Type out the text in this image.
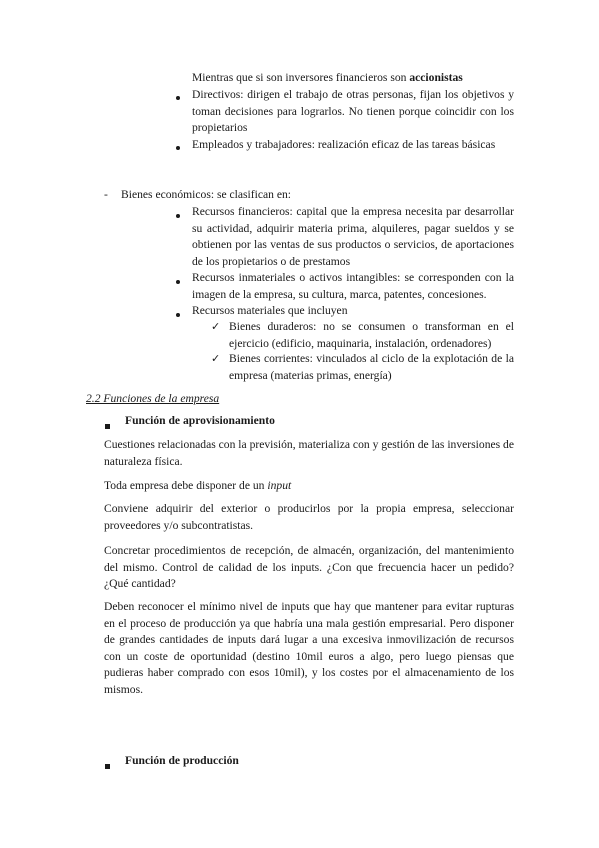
Mientras que si son inversores financieros son accionistas

Directivos: dirigen el trabajo de otras personas, fijan los objetivos y toman decisiones para lograrlos. No tienen porque coincidir con los propietarios

Empleados y trabajadores: realización eficaz de las tareas básicas

- Bienes económicos: se clasifican en:

Recursos financieros: capital que la empresa necesita par desarrollar su actividad, adquirir materia prima, alquileres, pagar sueldos y se obtienen por las ventas de sus productos o servicios, de aportaciones de los propietarios o de prestamos

Recursos inmateriales o activos intangibles: se corresponden con la imagen de la empresa, su cultura, marca, patentes, concesiones.

Recursos materiales que incluyen

✓ Bienes duraderos: no se consumen o transforman en el ejercicio (edificio, maquinaria, instalación, ordenadores)

✓ Bienes corrientes: vinculados al ciclo de la explotación de la empresa (materias primas, energía)

2.2 Funciones de la empresa

Función de aprovisionamiento

Cuestiones relacionadas con la previsión, materializa con y gestión de las inversiones de naturaleza física.

Toda empresa debe disponer de un input

Conviene adquirir del exterior o producirlos por la propia empresa, seleccionar proveedores y/o subcontratistas.

Concretar procedimientos de recepción, de almacén, organización, del mantenimiento del mismo. Control de calidad de los inputs. ¿Con que frecuencia hacer un pedido? ¿Qué cantidad?

Deben reconocer el mínimo nivel de inputs que hay que mantener para evitar rupturas en el proceso de producción ya que habría una mala gestión empresarial. Pero disponer de grandes cantidades de inputs dará lugar a una excesiva inmovilización de recursos con un coste de oportunidad (destino 10mil euros a algo, pero luego piensas que pudieras haber comprado con esos 10mil), y los costes por el almacenamiento de los mismos.

Función de producción
